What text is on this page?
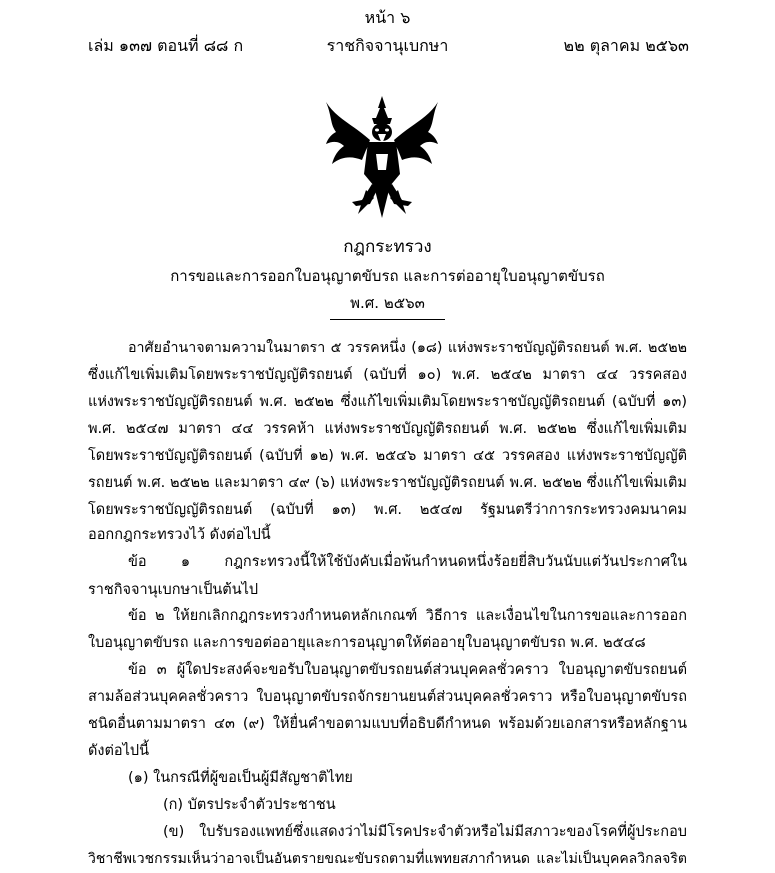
หน้า ๖
เล่ม ๑๓๗ ตอนที่ ๘๘ ก	ราชกิจจานุเบกษา	๒๒ ตุลาคม ๒๕๖๓
กฎกระทรวง
การขอและการออกใบอนุญาตขับรถ และการต่ออายุใบอนุญาตขับรถ
พ.ศ. ๒๕๖๓
อาศัยอำนาจตามความในมาตรา ๕ วรรคหนึ่ง (๑๘) แห่งพระราชบัญญัติรถยนต์ พ.ศ. ๒๕๒๒
ซึ่งแก้ไขเพิ่มเติมโดยพระราชบัญญัติรถยนต์ (ฉบับที่ ๑๐) พ.ศ. ๒๕๔๒ มาตรา ๔๔ วรรคสอง
แห่งพระราชบัญญัติรถยนต์ พ.ศ. ๒๕๒๒ ซึ่งแก้ไขเพิ่มเติมโดยพระราชบัญญัติรถยนต์ (ฉบับที่ ๑๓)
พ.ศ. ๒๕๔๗ มาตรา ๔๔ วรรคห้า แห่งพระราชบัญญัติรถยนต์ พ.ศ. ๒๕๒๒ ซึ่งแก้ไขเพิ่มเติม
โดยพระราชบัญญัติรถยนต์ (ฉบับที่ ๑๒) พ.ศ. ๒๕๔๖ มาตรา ๔๕ วรรคสอง แห่งพระราชบัญญัติ
รถยนต์ พ.ศ. ๒๕๒๒ และมาตรา ๔๙ (๖) แห่งพระราชบัญญัติรถยนต์ พ.ศ. ๒๕๒๒ ซึ่งแก้ไขเพิ่มเติม
โดยพระราชบัญญัติรถยนต์ (ฉบับที่ ๑๓) พ.ศ. ๒๕๔๗ รัฐมนตรีว่าการกระทรวงคมนาคม
ออกกฎกระทรวงไว้ ดังต่อไปนี้
ข้อ ๑ กฎกระทรวงนี้ให้ใช้บังคับเมื่อพ้นกำหนดหนึ่งร้อยยี่สิบวันนับแต่วันประกาศใน
ราชกิจจานุเบกษาเป็นต้นไป
ข้อ ๒ ให้ยกเลิกกฎกระทรวงกำหนดหลักเกณฑ์ วิธีการ และเงื่อนไขในการขอและการออก
ใบอนุญาตขับรถ และการขอต่ออายุและการอนุญาตให้ต่ออายุใบอนุญาตขับรถ พ.ศ. ๒๕๔๘
ข้อ ๓ ผู้ใดประสงค์จะขอรับใบอนุญาตขับรถยนต์ส่วนบุคคลชั่วคราว ใบอนุญาตขับรถยนต์
สามล้อส่วนบุคคลชั่วคราว ใบอนุญาตขับรถจักรยานยนต์ส่วนบุคคลชั่วคราว หรือใบอนุญาตขับรถ
ชนิดอื่นตามมาตรา ๔๓ (๙) ให้ยื่นคำขอตามแบบที่อธิบดีกำหนด พร้อมด้วยเอกสารหรือหลักฐาน
ดังต่อไปนี้
(๑) ในกรณีที่ผู้ขอเป็นผู้มีสัญชาติไทย
(ก) บัตรประจำตัวประชาชน
(ข) ใบรับรองแพทย์ซึ่งแสดงว่าไม่มีโรคประจำตัวหรือไม่มีสภาวะของโรคที่ผู้ประกอบ
วิชาชีพเวชกรรมเห็นว่าอาจเป็นอันตรายขณะขับรถตามที่แพทยสภากำหนด และไม่เป็นบุคคลวิกลจริต
